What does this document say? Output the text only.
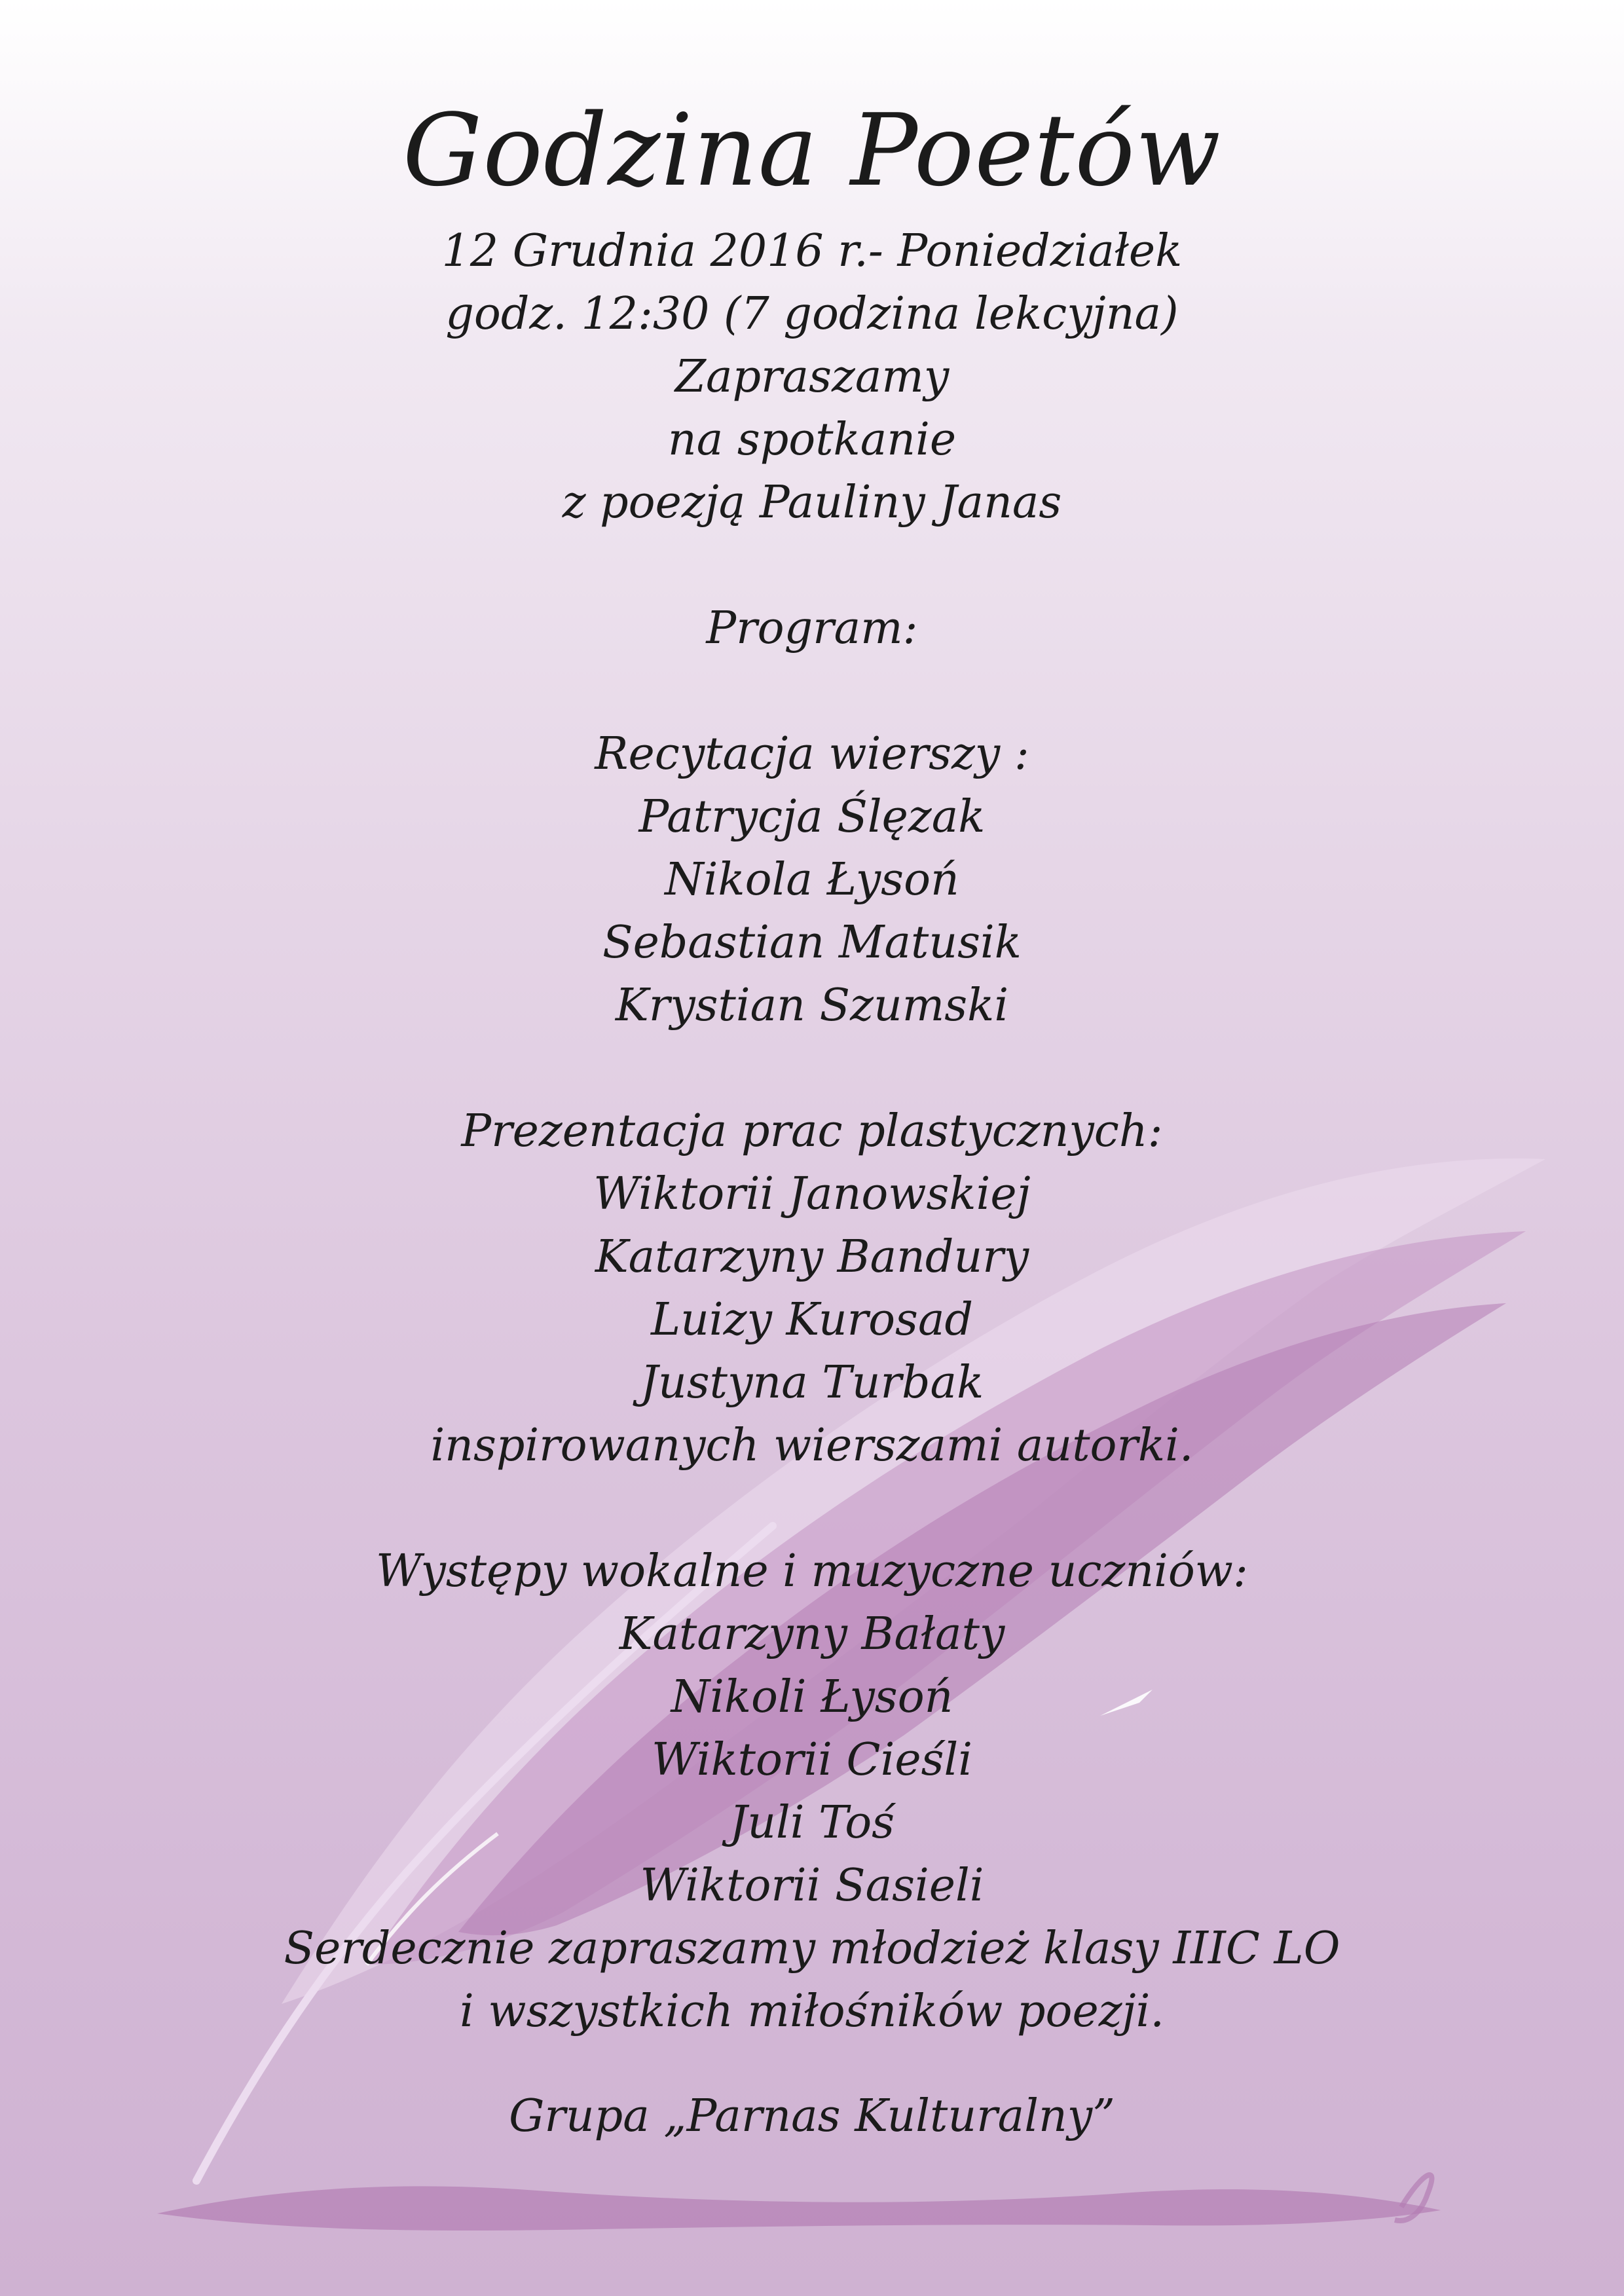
Godzina Poetów
12 Grudnia 2016 r.- Poniedziałek
godz. 12:30 (7 godzina lekcyjna)
Zapraszamy
na spotkanie
z poezją Pauliny Janas
Program:
Recytacja wierszy :
Patrycja Ślęzak
Nikola Łysoń
Sebastian Matusik
Krystian Szumski
Prezentacja prac plastycznych:
Wiktorii Janowskiej
Katarzyny Bandury
Luizy Kurosad
Justyna Turbak
inspirowanych wierszami autorki.
Występy wokalne i muzyczne uczniów:
Katarzyny Bałaty
Nikoli Łysoń
Wiktorii Cieśli
Juli Toś
Wiktorii Sasieli
Serdecznie zapraszamy młodzież klasy IIIC LO
i wszystkich miłośników poezji.
Grupa „Parnas Kulturalny”
